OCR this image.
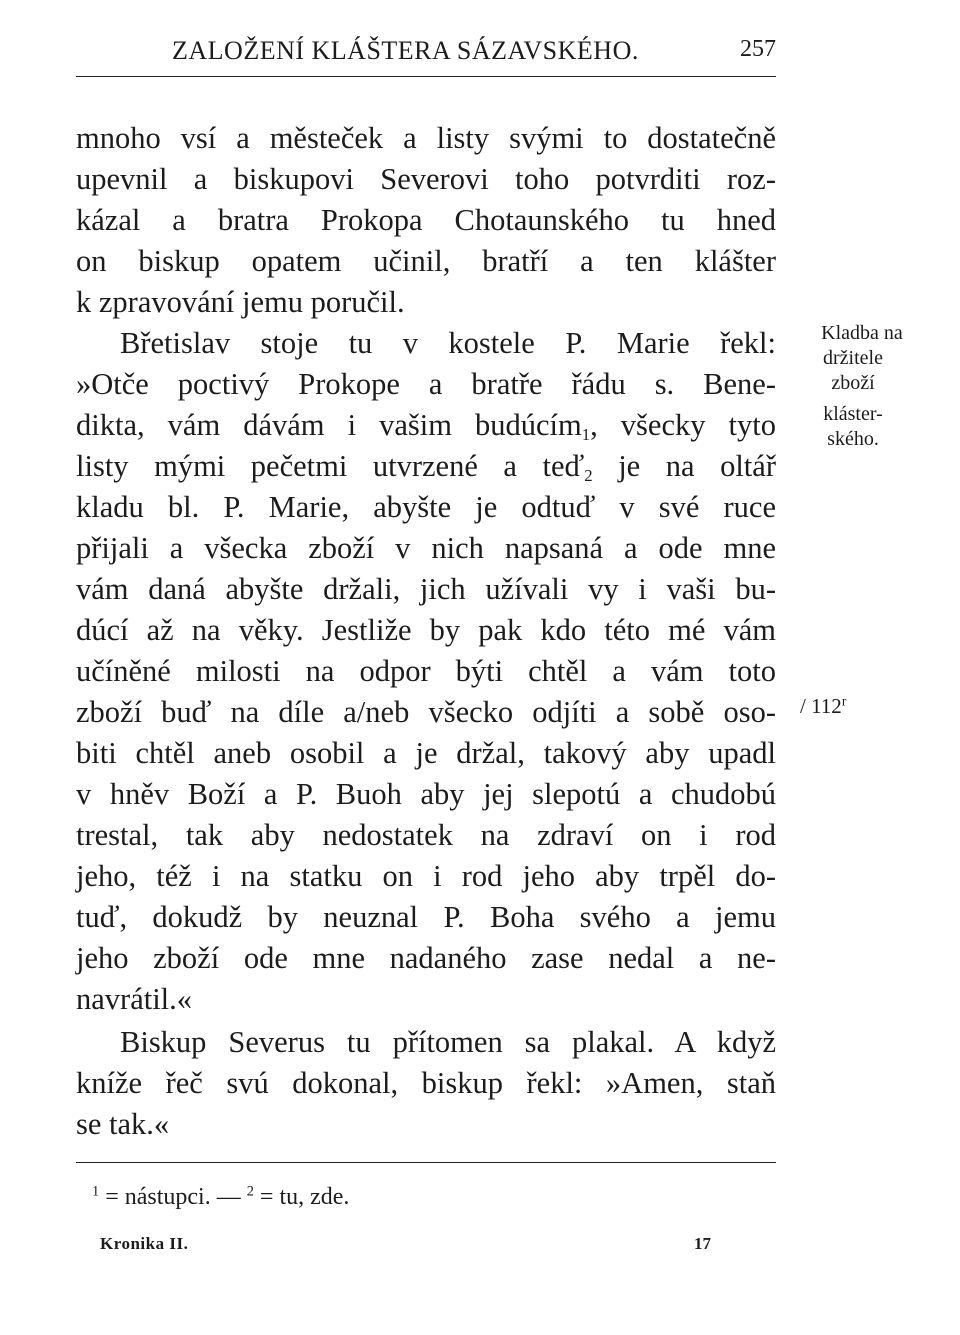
ZALOŽENÍ KLÁŠTERA SÁZAVSKÉHO.	257
mnoho vsí a městeček a listy svými to dostatečně
upevnil a biskupovi Severovi toho potvrditi roz-
kázal a bratra Prokopa Chotaunského tu hned
on biskup opatem učinil, bratří a ten klášter
k zpravování jemu poručil.
Břetislav stoje tu v kostele P. Marie řekl:
»Otče poctivý Prokope a bratře řádu s. Bene-
dikta, vám dávám i vašim budúcím$_1$, všecky tyto
listy mými pečetmi utvrzené a teď$_2$ je na oltář
kladu bl. P. Marie, abyšte je odtuď v své ruce
přijali a všecka zboží v nich napsaná a ode mne
vám daná abyšte držali, jich užívali vy i vaši bu-
dúcí až na věky. Jestliže by pak kdo této mé vám
učíněné milosti na odpor býti chtěl a vám toto
zboží buď na díle a/neb všecko odjíti a sobě oso-
biti chtěl aneb osobil a je držal, takový aby upadl
v hněv Boží a P. Buoh aby jej slepotú a chudobú
trestal, tak aby nedostatek na zdraví on i rod
jeho, též i na statku on i rod jeho aby trpěl do-
tuď, dokudž by neuznal P. Boha svého a jemu
jeho zboží ode mne nadaného zase nedal a ne-
navrátil.«
Biskup Severus tu přítomen sa plakal. A když
kníže řeč svú dokonal, biskup řekl: »Amen, staň
se tak.«
Kladba na
držitele
zboží
kláster-
ského.
/ 112$^r$
$^1$ = nástupci. — $^2$ = tu, zde.
Kronika II.	17
